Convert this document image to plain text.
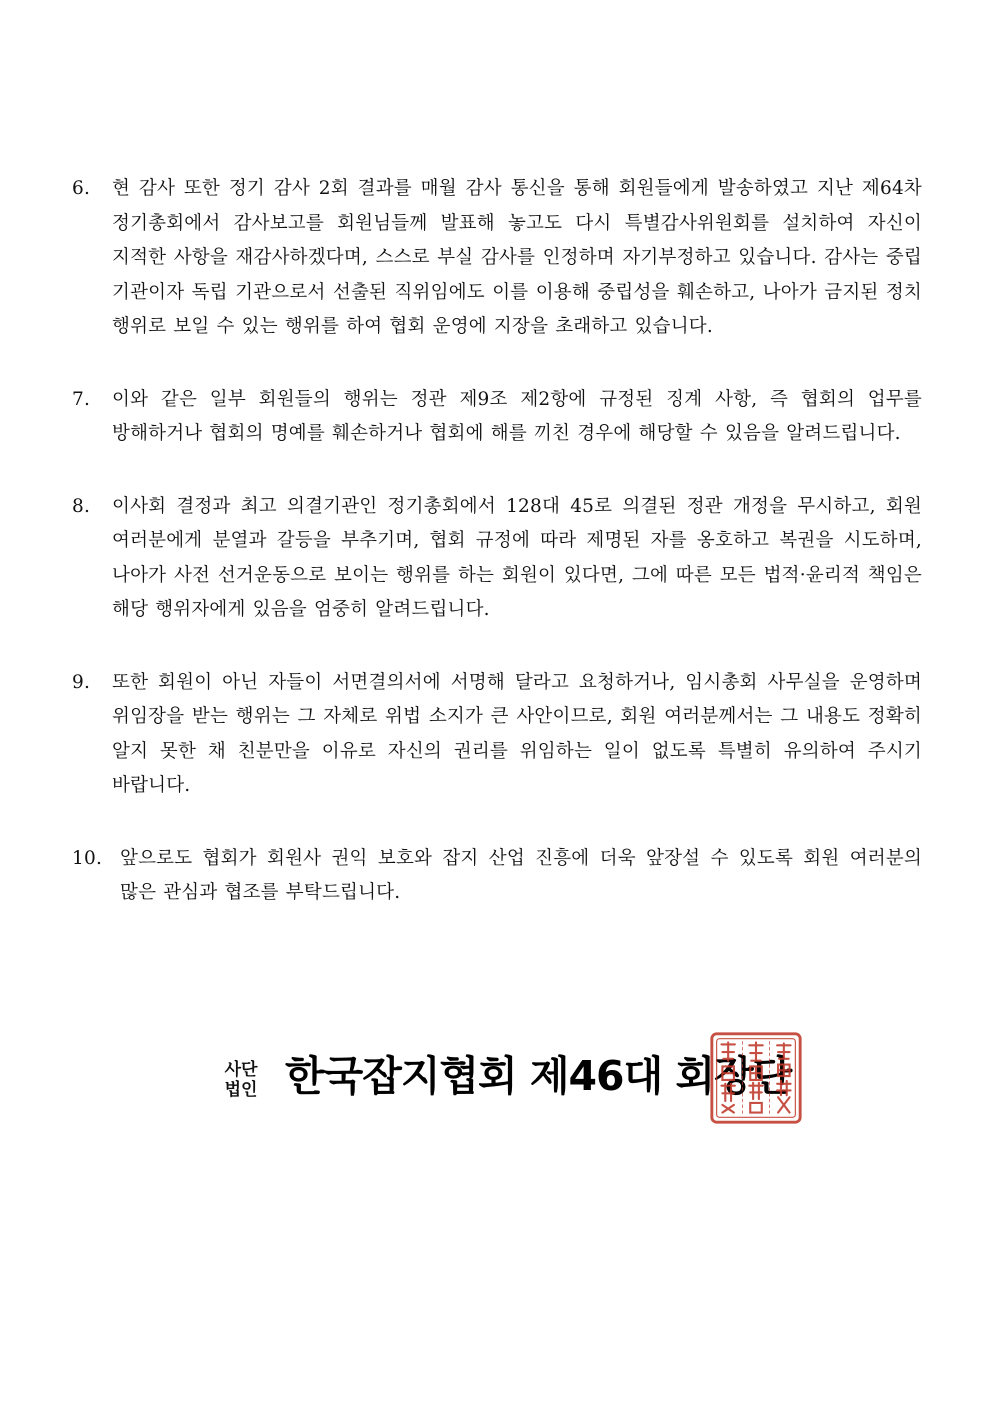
6.	현 감사 또한 정기 감사 2회 결과를 매월 감사 통신을 통해 회원들에게 발송하였고 지난 제64차 정기총회에서 감사보고를 회원님들께 발표해 놓고도 다시 특별감사위원회를 설치하여 자신이 지적한 사항을 재감사하겠다며, 스스로 부실 감사를 인정하며 자기부정하고 있습니다. 감사는 중립 기관이자 독립 기관으로서 선출된 직위임에도 이를 이용해 중립성을 훼손하고, 나아가 금지된 정치 행위로 보일 수 있는 행위를 하여 협회 운영에 지장을 초래하고 있습니다.
7.	이와 같은 일부 회원들의 행위는 정관 제9조 제2항에 규정된 징계 사항, 즉 협회의 업무를 방해하거나 협회의 명예를 훼손하거나 협회에 해를 끼친 경우에 해당할 수 있음을 알려드립니다.
8.	이사회 결정과 최고 의결기관인 정기총회에서 128대 45로 의결된 정관 개정을 무시하고, 회원 여러분에게 분열과 갈등을 부추기며, 협회 규정에 따라 제명된 자를 옹호하고 복권을 시도하며, 나아가 사전 선거운동으로 보이는 행위를 하는 회원이 있다면, 그에 따른 모든 법적·윤리적 책임은 해당 행위자에게 있음을 엄중히 알려드립니다.
9.	또한 회원이 아닌 자들이 서면결의서에 서명해 달라고 요청하거나, 임시총회 사무실을 운영하며 위임장을 받는 행위는 그 자체로 위법 소지가 큰 사안이므로, 회원 여러분께서는 그 내용도 정확히 알지 못한 채 친분만을 이유로 자신의 권리를 위임하는 일이 없도록 특별히 유의하여 주시기 바랍니다.
10. 앞으로도 협회가 회원사 권익 보호와 잡지 산업 진흥에 더욱 앞장설 수 있도록 회원 여러분의 많은 관심과 협조를 부탁드립니다.
사단
법인 한국잡지협회 제46대 회장단
